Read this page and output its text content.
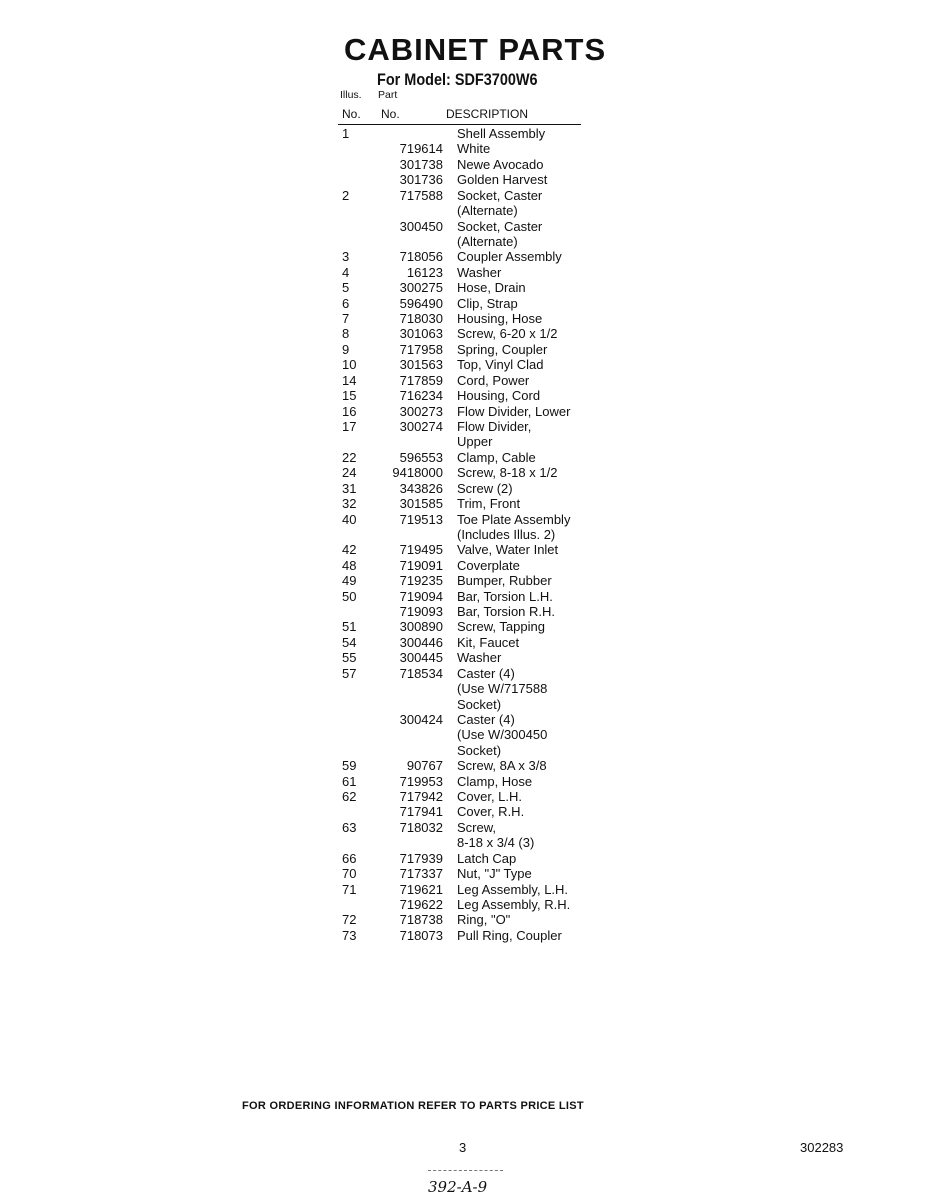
CABINET PARTS
For Model: SDF3700W6
Illus. Part
No. No.	DESCRIPTION
1	Shell Assembly
719614 White
301738 Newe Avocado
301736 Golden Harvest
2	717588 Socket, Caster
(Alternate)
300450 Socket, Caster
(Alternate)
3	718056 Coupler Assembly
4	16123 Washer
5	300275 Hose, Drain
6	596490 Clip, Strap
7	718030 Housing, Hose
8	301063 Screw, 6-20 x 1/2
9	717958 Spring, Coupler
10	301563 Top, Vinyl Clad
14	717859 Cord, Power
15	716234 Housing, Cord
16	300273 Flow Divider, Lower
17	300274 Flow Divider,
Upper
22	596553 Clamp, Cable
24	9418000 Screw, 8-18 x 1/2
31	343826 Screw (2)
32	301585 Trim, Front
40	719513 Toe Plate Assembly
(Includes Illus. 2)
42	719495 Valve, Water Inlet
48	719091 Coverplate
49	719235 Bumper, Rubber
50	719094 Bar, Torsion L.H.
719093 Bar, Torsion R.H.
51	300890 Screw, Tapping
54	300446 Kit, Faucet
55	300445 Washer
57	718534 Caster (4)
(Use W/717588
Socket)
300424 Caster (4)
(Use W/300450
Socket)
59	90767 Screw, 8A x 3/8
61	719953 Clamp, Hose
62	717942 Cover, L.H.
717941 Cover, R.H.
63	718032 Screw,
8-18 x 3/4 (3)
66	717939 Latch Cap
70	717337 Nut, "J" Type
71	719621 Leg Assembly, L.H.
719622 Leg Assembly, R.H.
72	718738 Ring, "O"
73	718073 Pull Ring, Coupler
FOR ORDERING INFORMATION REFER TO PARTS PRICE LIST
3	302283
392-A-9
